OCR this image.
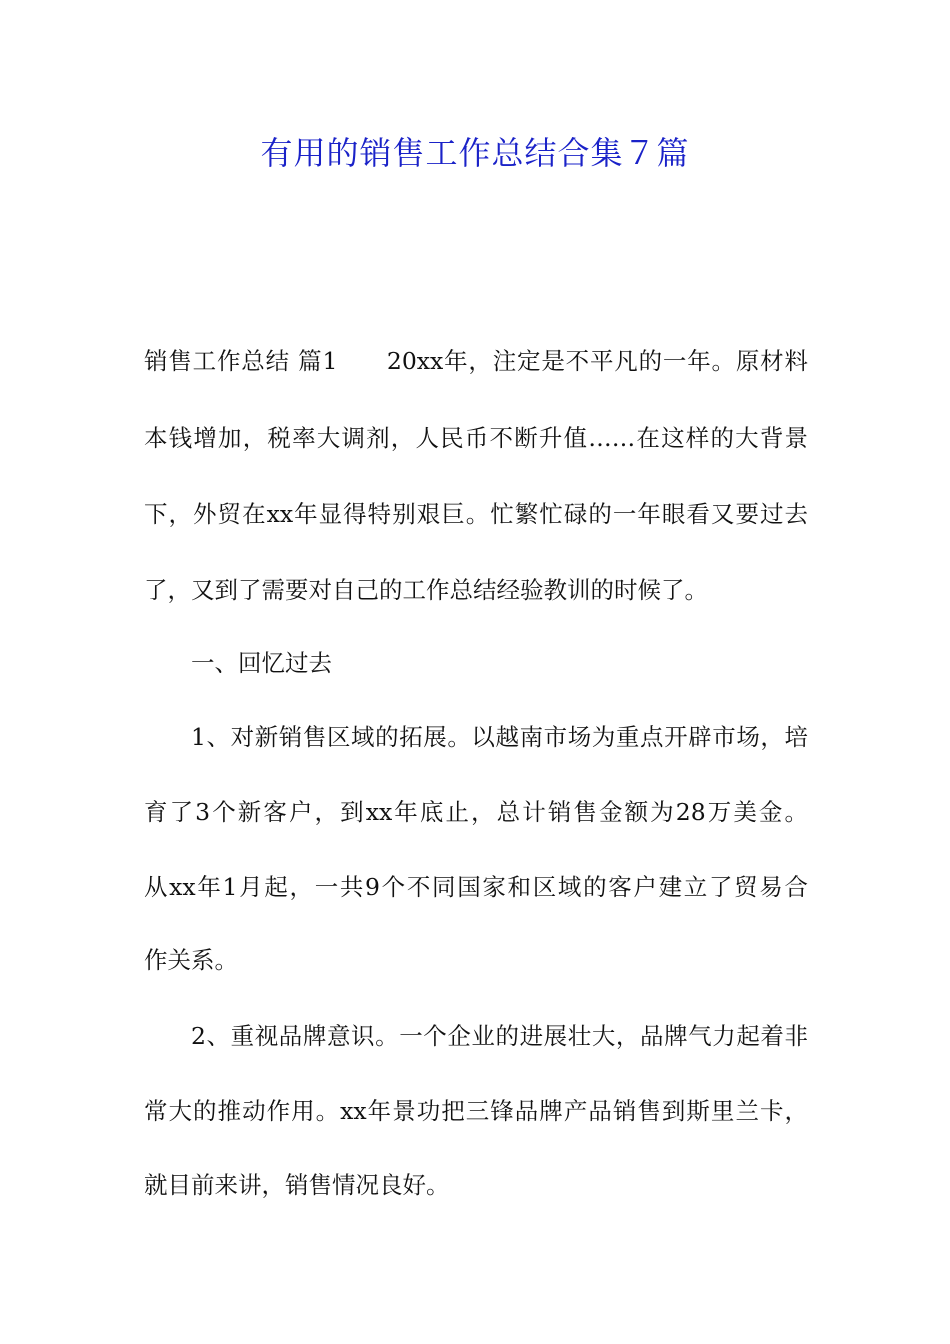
有用的销售工作总结合集７篇
销售工作总结 篇1　　20xx年，注定是不平凡的一年。原材料
本钱增加，税率大调剂，人民币不断升值……在这样的大背景
下，外贸在xx年显得特别艰巨。忙繁忙碌的一年眼看又要过去
了，又到了需要对自己的工作总结经验教训的时候了。
一、回忆过去
1、对新销售区域的拓展。以越南市场为重点开辟市场，培
育了3个新客户，到xx年底止，总计销售金额为28万美金。
从xx年1月起，一共9个不同国家和区域的客户建立了贸易合
作关系。
2、重视品牌意识。一个企业的进展壮大，品牌气力起着非
常大的推动作用。xx年景功把三锋品牌产品销售到斯里兰卡，
就目前来讲，销售情况良好。
